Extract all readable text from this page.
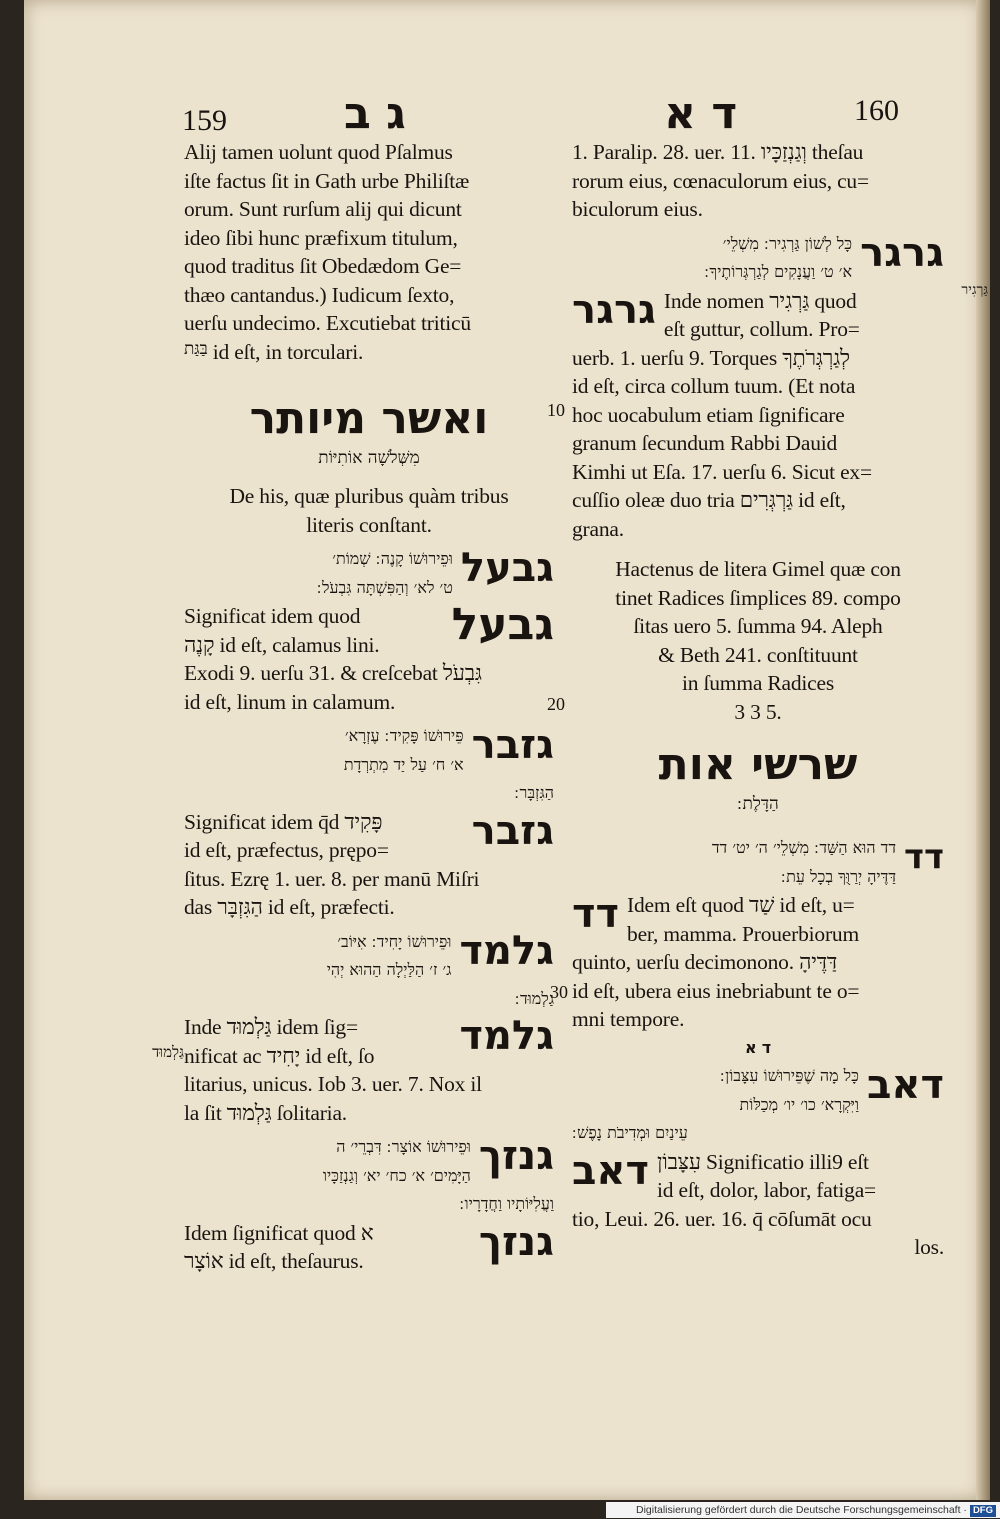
159	ג ב	ד א	160
Alij tamen uolunt quod Pſalmus
iſte factus ſit in Gath urbe Philiſtæ
orum. Sunt rurſum alij qui dicunt
ideo ſibi hunc præfixum titulum,
quod traditus ſit Obedædom Ge=
thæo cantandus.) Iudicum ſexto,
uerſu undecimo. Excutiebat triticū
בַּגַּת id eſt, in torculari.
ואשר מיותר
מִשְּׁלֹשָׁה אוֹתִיּוֹת
De his, quæ pluribus quàm tribus
literis conſtant.
גבעל
וּפֵירוּשׁוֹ קָנֶה ׃ שְׁמוֹת׳
ט׳ לא׳ וְהַפִּשְׁתָּה גִּבְעֹל ׃
גבעל
Significat idem quod
קָנֶה id eſt, calamus lini.
Exodi 9. uerſu 31. & creſcebat גִּבְעֹל
id eſt, linum in calamum.
גזבר
פֵּירוּשׁוֹ פָּקִיד ׃ עֶזְרָא׳
א׳ ח׳ עַל יַד מִתְרְדָת
הַגִּזְבָּר ׃
גזבר
Significat idem q̄d פָּקִיד
id eſt, præfectus, prępo=
ſitus. Ezrę 1. uer. 8. per manū Miſri
das הַגִּזְבָּר id eſt, præfecti.
גלמד
וּפֵירוּשׁוֹ יָחִיד ׃ אִיּוֹב׳
ג׳ ז׳ הַלַּיְלָה הַהוּא יְהִי
גַלְמוּד ׃
גלמד
Inde גַּלְמוּד idem ſig=
nificat ac יָחִיד id eſt, ſo
litarius, unicus. Iob 3. uer. 7. Nox il
la ſit גַּלְמוּד ſolitaria.
גנזך
וּפֵירוּשׁוֹ אוֹצָר ׃ דִּבְרֵי׳ ה
הַיָּמִים׳ א׳ כח׳ יא׳ וְגַנְזַכָּיו
וַעֲלִיּוֹתָיו וַחֲדָרָיו ׃
גנזך
Idem ſignificat quod א
אוֹצָר id eſt, theſaurus.
גַּלְמוּד
1. Paralip. 28. uer. 11. וְגַנְזַכָּיו theſau
rorum eius, cœnaculorum eius, cu=
biculorum eius.
גרגר
כָּל לְשׁוֹן גַּרְגִיר ׃ מִשְׁלֵי׳
א׳ ט׳ וַעֲנָקִים לְגַרְגְּרוֹתֶיךָ ׃
גרגר Inde nomen גַּרְגִיר quod
eſt guttur, collum. Pro=
uerb. 1. uerſu 9. Torques לְגַרְגְּרֹתֶךָ
id eſt, circa collum tuum. (Et nota
hoc uocabulum etiam ſignificare
granum ſecundum Rabbi Dauid
Kimhi ut Eſa. 17. uerſu 6. Sicut ex=
cuſſio oleæ duo tria גַּרְגְּרִים id eſt,
grana.
Hactenus de litera Gimel quæ con
tinet Radices ſimplices 89. compo
ſitas uero 5. ſumma 94. Aleph
& Beth 241. conſtituunt
in ſumma Radices
3 3 5.
שרשי אות
הַדָּלֶת ׃
דד
דד הוּא הַשַּׁד ׃ מִשְׁלֵי׳ ה׳ יט׳ דד
דַּדֶּיהָ יְרַוֻּךָ בְכָל עֵת ׃
דד Idem eſt quod שַׁד id eſt, u=
ber, mamma. Prouerbiorum
quinto, uerſu decimonono. דַּדֶּיהָ
id eſt, ubera eius inebriabunt te o=
mni tempore.
ד א
דאב
כָּל מָה שֶׁפֵּירוּשׁוֹ עִצָּבוֹן ׃
וַיִּקְרָא׳ כו׳ יו׳ מְכַלּוֹת
עֵינַיִם וּמְדִיבֹת נָפֶשׁ ׃
דאב עִצָּבוֹן Significatio illi9 eſt
id eſt, dolor, labor, fatiga=
tio, Leui. 26. uer. 16. q̄ cōſumāt ocu
los.
גַּרְגִיר
10
20
30
Digitalisierung gefördert durch die Deutsche Forschungsgemeinschaft · DFG
